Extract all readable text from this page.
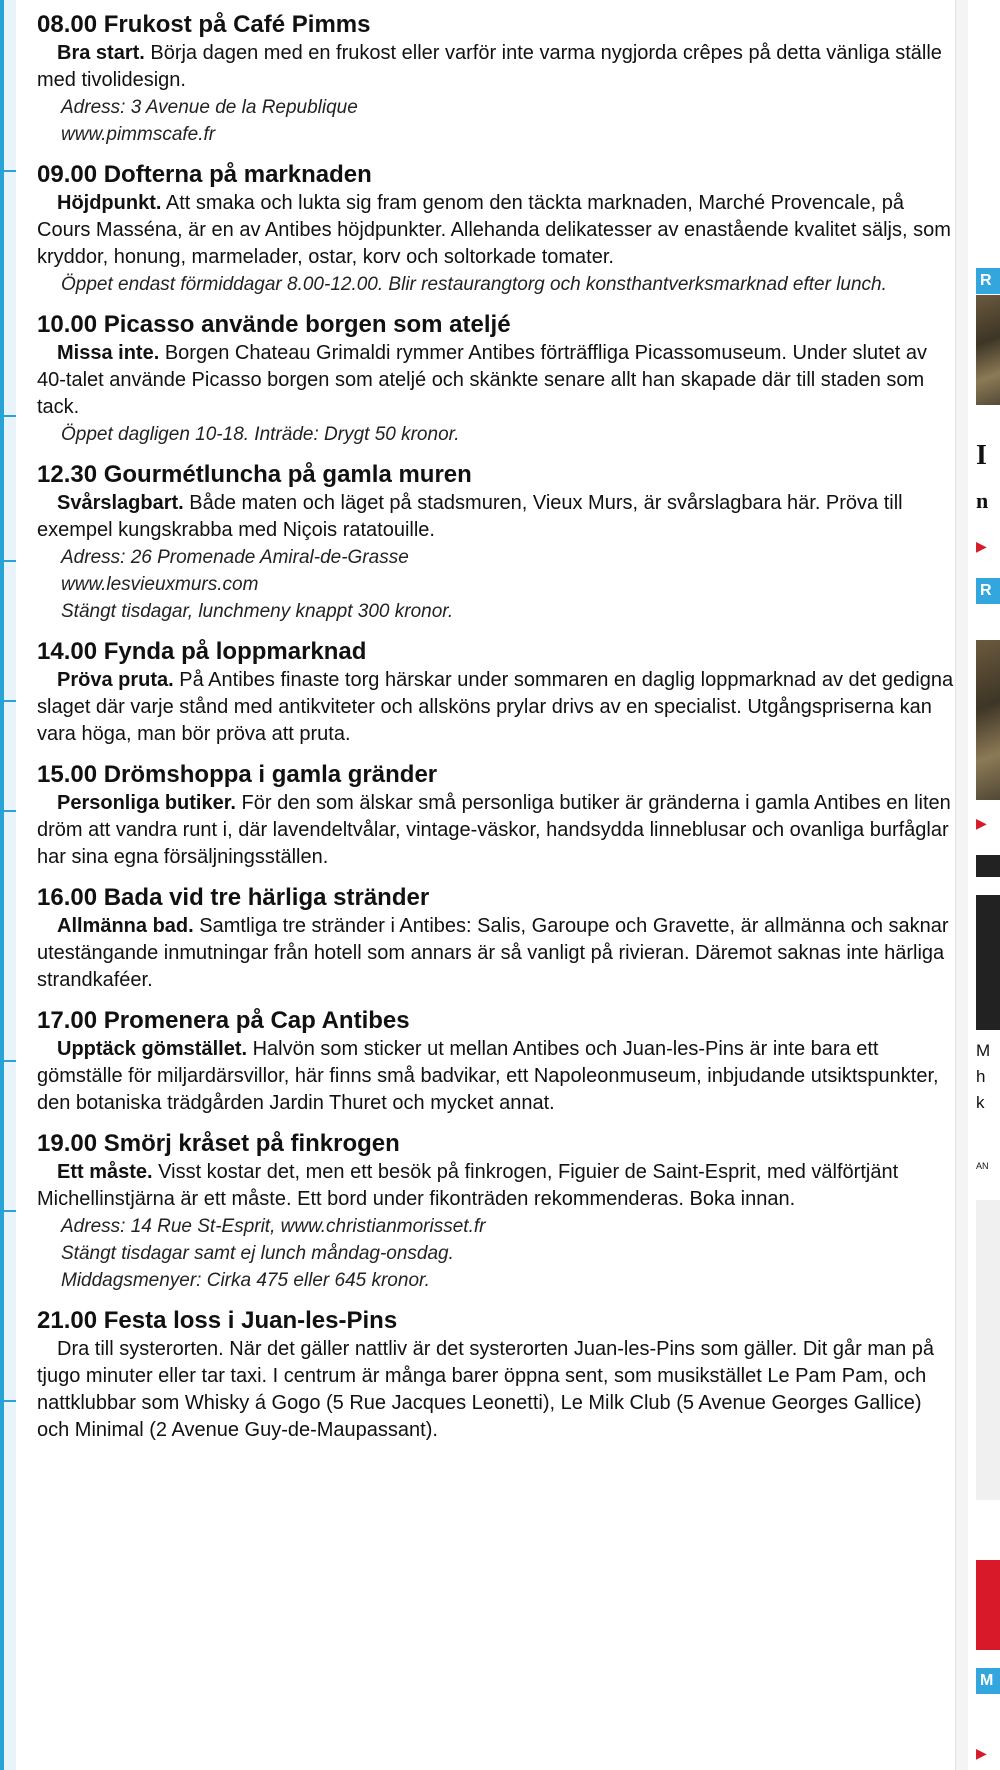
08.00 Frukost på Café Pimms

Bra start. Börja dagen med en frukost eller varför inte varma nygjorda crêpes på detta vänliga ställe med tivolidesign.

Adress: 3 Avenue de la Republique

www.pimmscafe.fr

09.00 Dofterna på marknaden

Höjdpunkt. Att smaka och lukta sig fram genom den täckta marknaden, Marché Provencale, på Cours Masséna, är en av Antibes höjdpunkter. Allehanda delikatesser av enastående kvalitet säljs, som kryddor, honung, marmelader, ostar, korv och soltorkade tomater.

Öppet endast förmiddagar 8.00-12.00. Blir restaurangtorg och konsthantverksmarknad efter lunch.

10.00 Picasso använde borgen som ateljé

Missa inte. Borgen Chateau Grimaldi rymmer Antibes förträffliga Picassomuseum. Under slutet av 40-talet använde Picasso borgen som ateljé och skänkte senare allt han skapade där till staden som tack.

Öppet dagligen 10-18. Inträde: Drygt 50 kronor.

12.30 Gourmétluncha på gamla muren

Svårslagbart. Både maten och läget på stadsmuren, Vieux Murs, är svårslagbara här. Pröva till exempel kungskrabba med Niçois ratatouille.

Adress: 26 Promenade Amiral-de-Grasse

www.lesvieuxmurs.com

Stängt tisdagar, lunchmeny knappt 300 kronor.

14.00 Fynda på loppmarknad

Pröva pruta. På Antibes finaste torg härskar under sommaren en daglig loppmarknad av det gedigna slaget där varje stånd med antikviteter och allsköns prylar drivs av en specialist. Utgångspriserna kan vara höga, man bör pröva att pruta.

15.00 Drömshoppa i gamla gränder

Personliga butiker. För den som älskar små personliga butiker är gränderna i gamla Antibes en liten dröm att vandra runt i, där lavendeltvålar, vintage-väskor, handsydda linneblusar och ovanliga burfåglar har sina egna försäljningsställen.

16.00 Bada vid tre härliga stränder

Allmänna bad. Samtliga tre stränder i Antibes: Salis, Garoupe och Gravette, är allmänna och saknar utestängande inmutningar från hotell som annars är så vanligt på rivieran. Däremot saknas inte härliga strandkaféer.

17.00 Promenera på Cap Antibes

Upptäck gömstället. Halvön som sticker ut mellan Antibes och Juan-les-Pins är inte bara ett gömställe för miljardärsvillor, här finns små badvikar, ett Napoleonmuseum, inbjudande utsiktspunkter, den botaniska trädgården Jardin Thuret och mycket annat.

19.00 Smörj kråset på finkrogen

Ett måste. Visst kostar det, men ett besök på finkrogen, Figuier de Saint-Esprit, med välförtjänt Michellinstjärna är ett måste. Ett bord under fikonträden rekommenderas. Boka innan.

Adress: 14 Rue St-Esprit, www.christianmorisset.fr

Stängt tisdagar samt ej lunch måndag-onsdag.

Middagsmenyer: Cirka 475 eller 645 kronor.

21.00 Festa loss i Juan-les-Pins

Dra till systerorten. När det gäller nattliv är det systerorten Juan-les-Pins som gäller. Dit går man på tjugo minuter eller tar taxi. I centrum är många barer öppna sent, som musikstället Le Pam Pam, och nattklubbar som Whisky á Gogo (5 Rue Jacques Leonetti), Le Milk Club (5 Avenue Georges Gallice) och Minimal (2 Avenue Guy-de-Maupassant).

R
I
n
▶
R
▶
M
h
k
AN
M
▶
